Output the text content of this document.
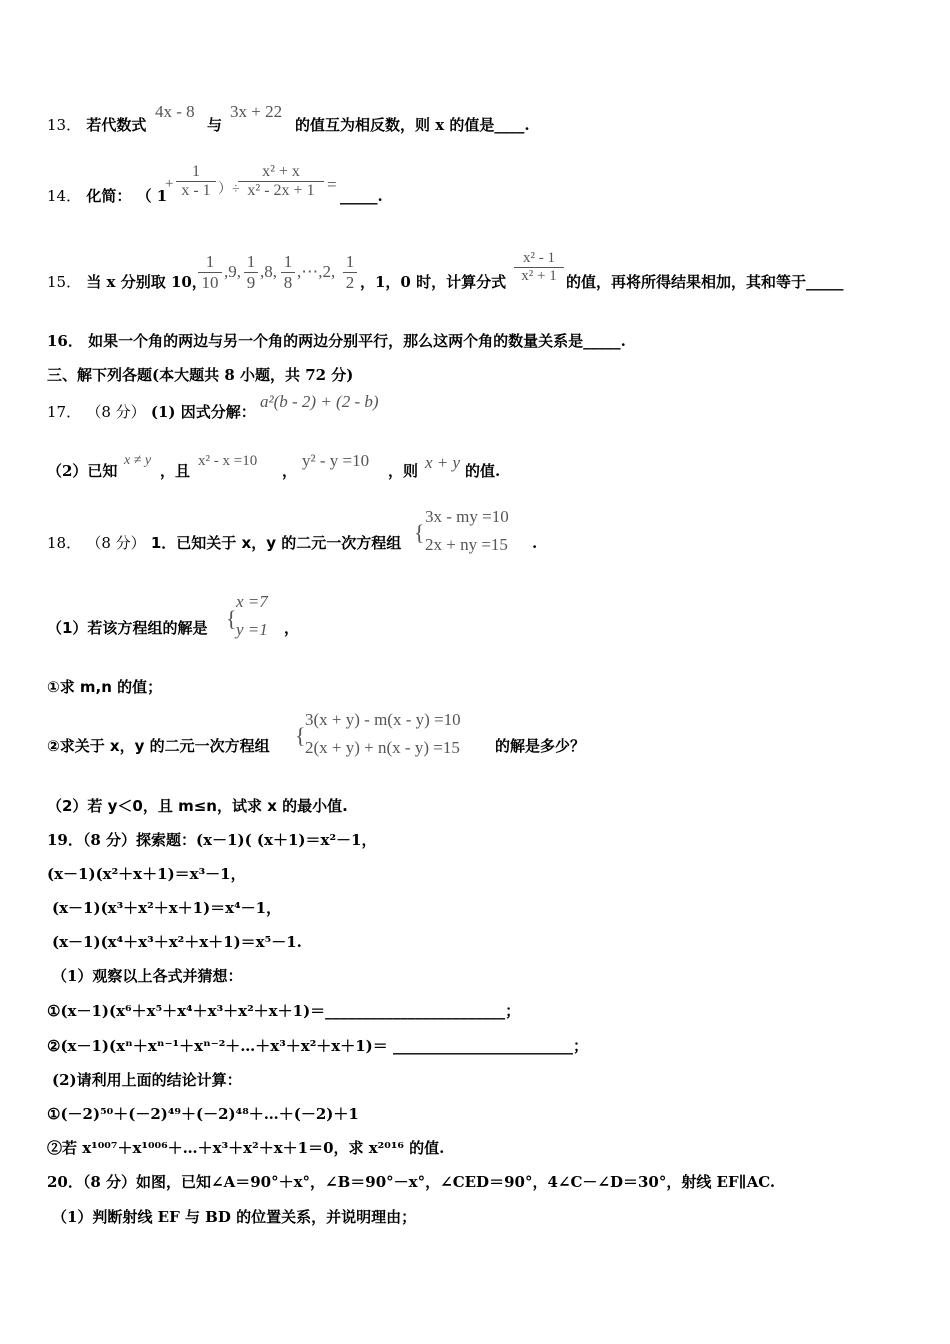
13． 若代数式
4x - 8
与
3x + 22
的值互为相反数，则 x 的值是____.
14． 化简： （ 1
+ $\frac{1}{x - 1}$ ）÷
$\frac{\text{x² + x}}{\text{x² - 2x + 1}}$ =
_____.
15． 当 x 分别取 10，
$\frac{1}{10} ,9$, $\frac{1}{9} ,8$, $\frac{1}{8}$ ,⋯,2, $\frac{1}{2}$ ，1，0 时，计算分式 $\frac{\text{x² - 1}}{\text{x² + 1}}$ 的值，再将所得结果相加，其和等于_____
16． 如果一个角的两边与另一个角的两边分别平行，那么这两个角的数量关系是_____.
三、解下列各题(本大题共 8 小题，共 72 分)
17． （8 分） (1) 因式分解：
a²(b - 2) + (2 - b)
（2）已知
x ≠ y
，且
x² - x =10
，
y² - y =10
，则 x + y 的值.
18． （8 分） 1．已知关于 x，y 的二元一次方程组 {
3x - my =10
2x + ny =15 .
（1）若该方程组的解是 {
x =7
y =1 ，
①求 m,n 的值；
②求关于 x，y 的二元一次方程组 {
3(x + y) - m(x - y) =10
2(x + y) + n(x - y) =15 的解是多少？
（2）若 y＜0，且 m≤n，试求 x 的最小值.
19．（8 分）探索题：(x－1)( (x＋1)＝x²－1，
(x－1)(x²＋x＋1)＝x³－1，
(x－1)(x³＋x²＋x＋1)＝x⁴－1，
(x－1)(x⁴＋x³＋x²＋x＋1)＝x⁵－1.
（1）观察以上各式并猜想：
①(x－1)(x⁶＋x⁵＋x⁴＋x³＋x²＋x＋1)＝________________________；
②(x－1)(xⁿ＋xⁿ⁻¹＋xⁿ⁻²＋…＋x³＋x²＋x＋1)＝ ________________________；
(2)请利用上面的结论计算：
①(－2)⁵⁰＋(－2)⁴⁹＋(－2)⁴⁸＋…＋(－2)＋1
②若 x¹⁰⁰⁷＋x¹⁰⁰⁶＋…＋x³＋x²＋x＋1＝0，求 x²⁰¹⁶ 的值.
20．（8 分）如图，已知∠A＝90°＋x°，∠B＝90°－x°，∠CED＝90°，4∠C－∠D＝30°，射线 EF∥AC.
（1）判断射线 EF 与 BD 的位置关系，并说明理由；
